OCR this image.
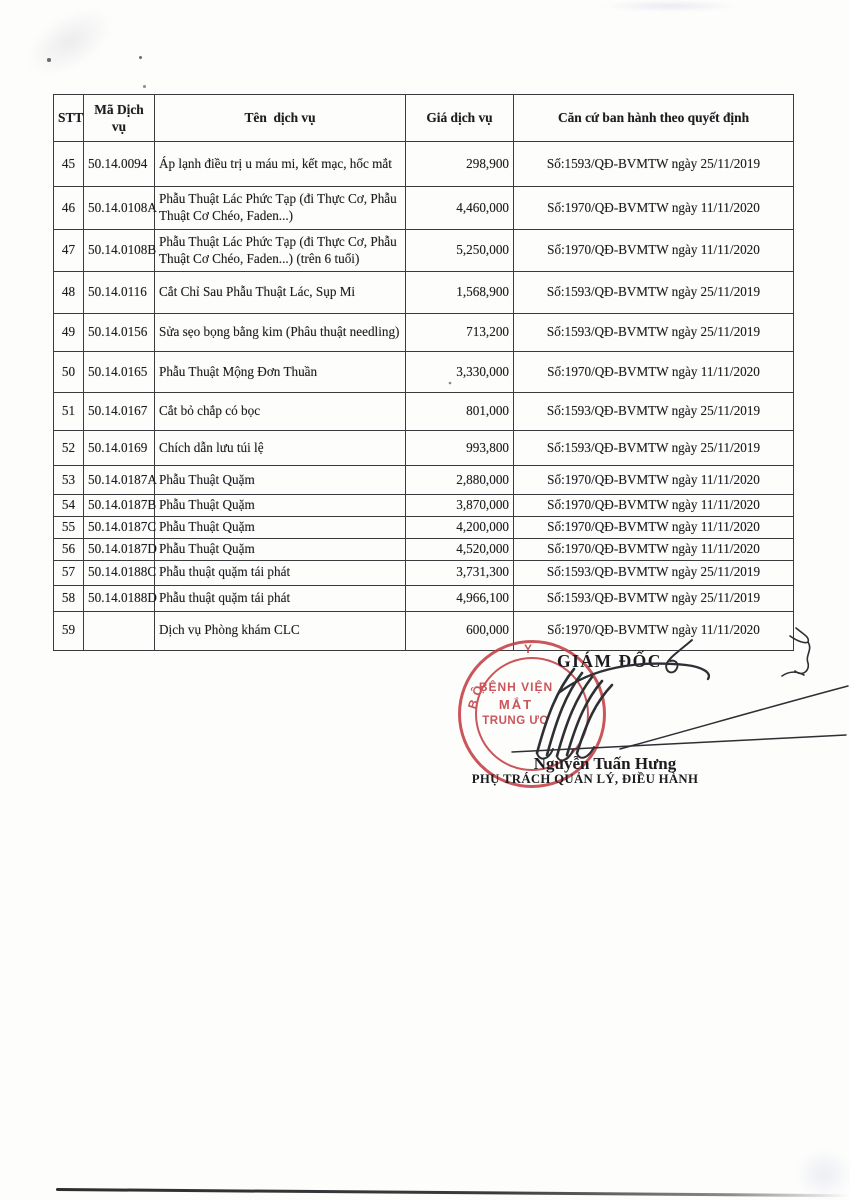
STT	Mã Dịch vụ	Tên  dịch vụ	Giá dịch vụ	Căn cứ ban hành theo quyết định
45	50.14.0094	Áp lạnh điều trị u máu mi, kết mạc, hốc mắt	298,900	Số:1593/QĐ-BVMTW ngày 25/11/2019
46	50.14.0108A	Phẫu Thuật Lác Phức Tạp (đi Thực Cơ, Phẫu Thuật Cơ Chéo, Faden...)	4,460,000	Số:1970/QĐ-BVMTW ngày 11/11/2020
47	50.14.0108B	Phẫu Thuật Lác Phức Tạp (đi Thực Cơ, Phẫu Thuật Cơ Chéo, Faden...) (trên 6 tuổi)	5,250,000	Số:1970/QĐ-BVMTW ngày 11/11/2020
48	50.14.0116	Cắt Chỉ Sau Phẫu Thuật Lác, Sụp Mi	1,568,900	Số:1593/QĐ-BVMTW ngày 25/11/2019
49	50.14.0156	Sửa sẹo bọng bằng kim (Phâu thuật needling)	713,200	Số:1593/QĐ-BVMTW ngày 25/11/2019
50	50.14.0165	Phẫu Thuật Mộng Đơn Thuần	3,330,000	Số:1970/QĐ-BVMTW ngày 11/11/2020
51	50.14.0167	Cắt bỏ chắp có bọc	801,000	Số:1593/QĐ-BVMTW ngày 25/11/2019
52	50.14.0169	Chích dẫn lưu túi lệ	993,800	Số:1593/QĐ-BVMTW ngày 25/11/2019
53	50.14.0187A	Phẫu Thuật Quặm	2,880,000	Số:1970/QĐ-BVMTW ngày 11/11/2020
54	50.14.0187B	Phẫu Thuật Quặm	3,870,000	Số:1970/QĐ-BVMTW ngày 11/11/2020
55	50.14.0187C	Phẫu Thuật Quặm	4,200,000	Số:1970/QĐ-BVMTW ngày 11/11/2020
56	50.14.0187D	Phẫu Thuật Quặm	4,520,000	Số:1970/QĐ-BVMTW ngày 11/11/2020
57	50.14.0188C	Phẫu thuật quặm tái phát	3,731,300	Số:1593/QĐ-BVMTW ngày 25/11/2019
58	50.14.0188D	Phẫu thuật quặm tái phát	4,966,100	Số:1593/QĐ-BVMTW ngày 25/11/2019
59		Dịch vụ Phòng khám CLC	600,000	Số:1970/QĐ-BVMTW ngày 11/11/2020
Y
BỘ
BỆNH VIỆN
MẮT
TRUNG ƯƠ
GIÁM ĐỐC
Nguyễn Tuấn Hưng
PHỤ TRÁCH QUẢN LÝ, ĐIỀU HÀNH
